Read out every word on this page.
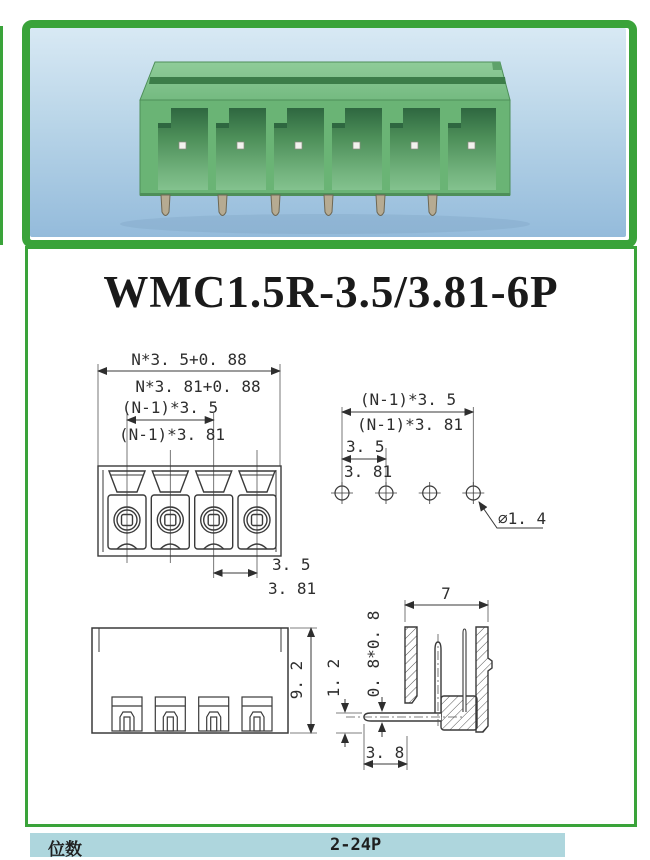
WMC1.5R-3.5/3.81-6P
N*3. 5+0. 88
N*3. 81+0. 88
(N-1)*3. 5
(N-1)*3. 81
3. 5
3. 81
(N-1)*3. 5
(N-1)*3. 81
3. 5
3. 81
∅1. 4
9. 2
7
0. 8*0. 8
1. 2
3. 8
位数	2-24P
